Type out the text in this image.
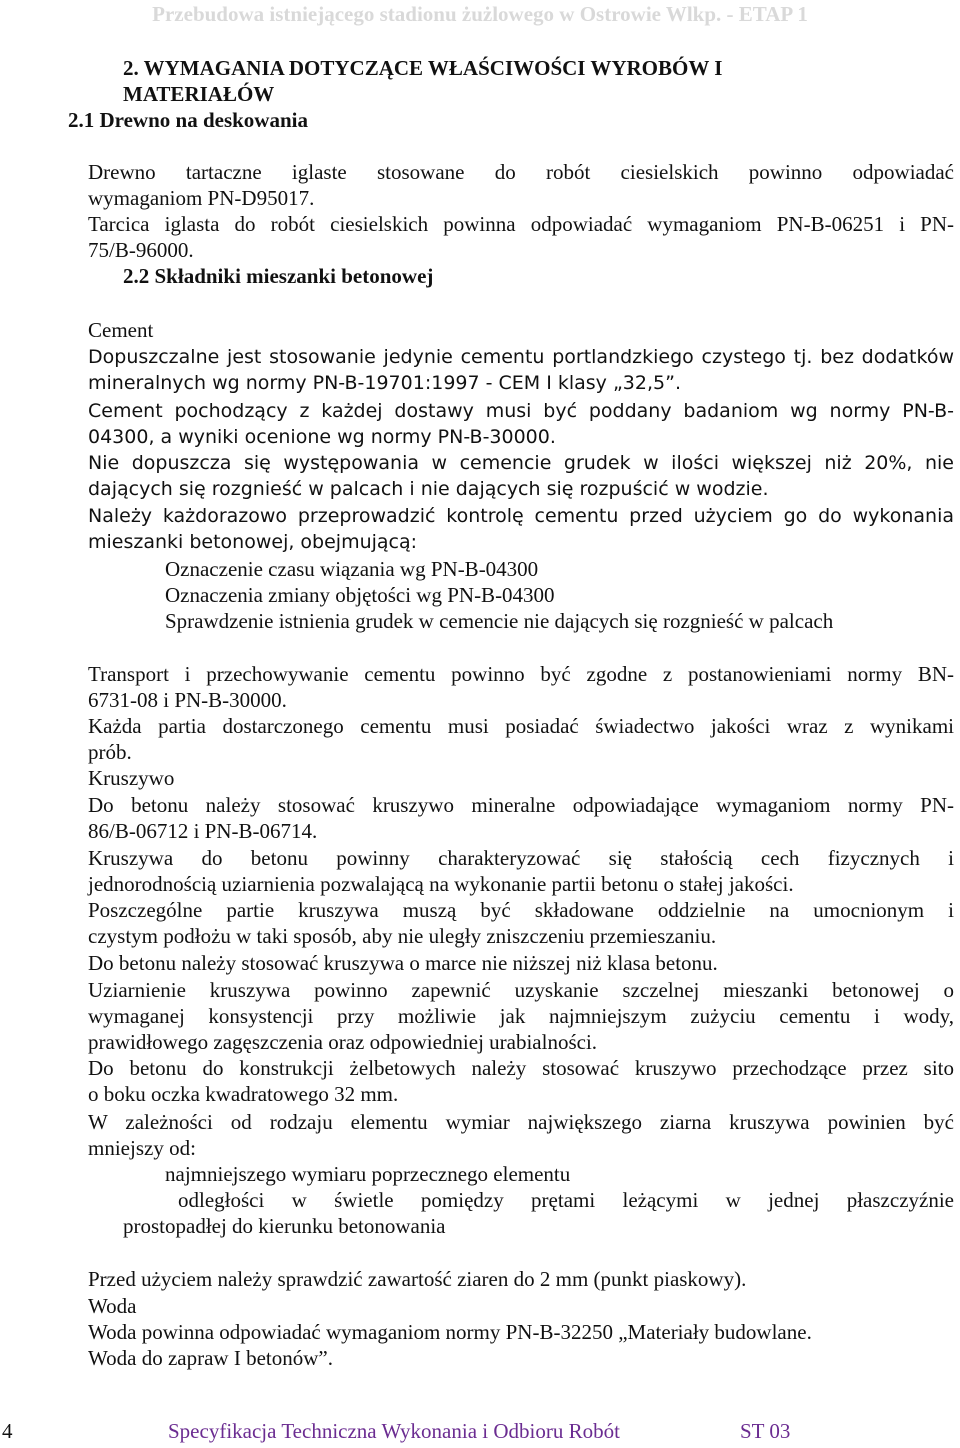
Przebudowa istniejącego stadionu żużlowego w Ostrowie Wlkp. - ETAP 1
2. WYMAGANIA DOTYCZĄCE WŁAŚCIWOŚCI WYROBÓW I
MATERIAŁÓW
2.1 Drewno na deskowania
Drewno tartaczne iglaste stosowane do robót ciesielskich powinno odpowiadać
wymaganiom PN-D95017.
Tarcica iglasta do robót ciesielskich powinna odpowiadać wymaganiom PN-B-06251 i PN-
75/B-96000.
2.2 Składniki mieszanki betonowej
Cement
Dopuszczalne jest stosowanie jedynie cementu portlandzkiego czystego tj. bez dodatków
mineralnych wg normy PN-B-19701:1997 - CEM I klasy „32,5”.
Cement pochodzący z każdej dostawy musi być poddany badaniom wg normy PN-B-
04300, a wyniki ocenione wg normy PN-B-30000.
Nie dopuszcza się występowania w cemencie grudek w ilości większej niż 20%, nie
dających się rozgnieść w palcach i nie dających się rozpuścić w wodzie.
Należy każdorazowo przeprowadzić kontrolę cementu przed użyciem go do wykonania
mieszanki betonowej, obejmującą:
Oznaczenie czasu wiązania wg PN-B-04300
Oznaczenia zmiany objętości wg PN-B-04300
Sprawdzenie istnienia grudek w cemencie nie dających się rozgnieść w palcach
Transport i przechowywanie cementu powinno być zgodne z postanowieniami normy BN-
6731-08 i PN-B-30000.
Każda partia dostarczonego cementu musi posiadać świadectwo jakości wraz z wynikami
prób.
Kruszywo
Do betonu należy stosować kruszywo mineralne odpowiadające wymaganiom normy PN-
86/B-06712 i PN-B-06714.
Kruszywa do betonu powinny charakteryzować się stałością cech fizycznych i
jednorodnością uziarnienia pozwalającą na wykonanie partii betonu o stałej jakości.
Poszczególne partie kruszywa muszą być składowane oddzielnie na umocnionym i
czystym podłożu w taki sposób, aby nie uległy zniszczeniu przemieszaniu.
Do betonu należy stosować kruszywa o marce nie niższej niż klasa betonu.
Uziarnienie kruszywa powinno zapewnić uzyskanie szczelnej mieszanki betonowej o
wymaganej konsystencji przy możliwie jak najmniejszym zużyciu cementu i wody,
prawidłowego zagęszczenia oraz odpowiedniej urabialności.
Do betonu do konstrukcji żelbetowych należy stosować kruszywo przechodzące przez sito
o boku oczka kwadratowego 32 mm.
W zależności od rodzaju elementu wymiar największego ziarna kruszywa powinien być
mniejszy od:
najmniejszego wymiaru poprzecznego elementu
odległości w świetle pomiędzy prętami leżącymi w jednej płaszczyźnie
prostopadłej do kierunku betonowania
Przed użyciem należy sprawdzić zawartość ziaren do 2 mm (punkt piaskowy).
Woda
Woda powinna odpowiadać wymaganiom normy PN-B-32250 „Materiały budowlane.
Woda do zapraw I betonów”.
4	Specyfikacja Techniczna Wykonania i Odbioru Robót	ST 03
